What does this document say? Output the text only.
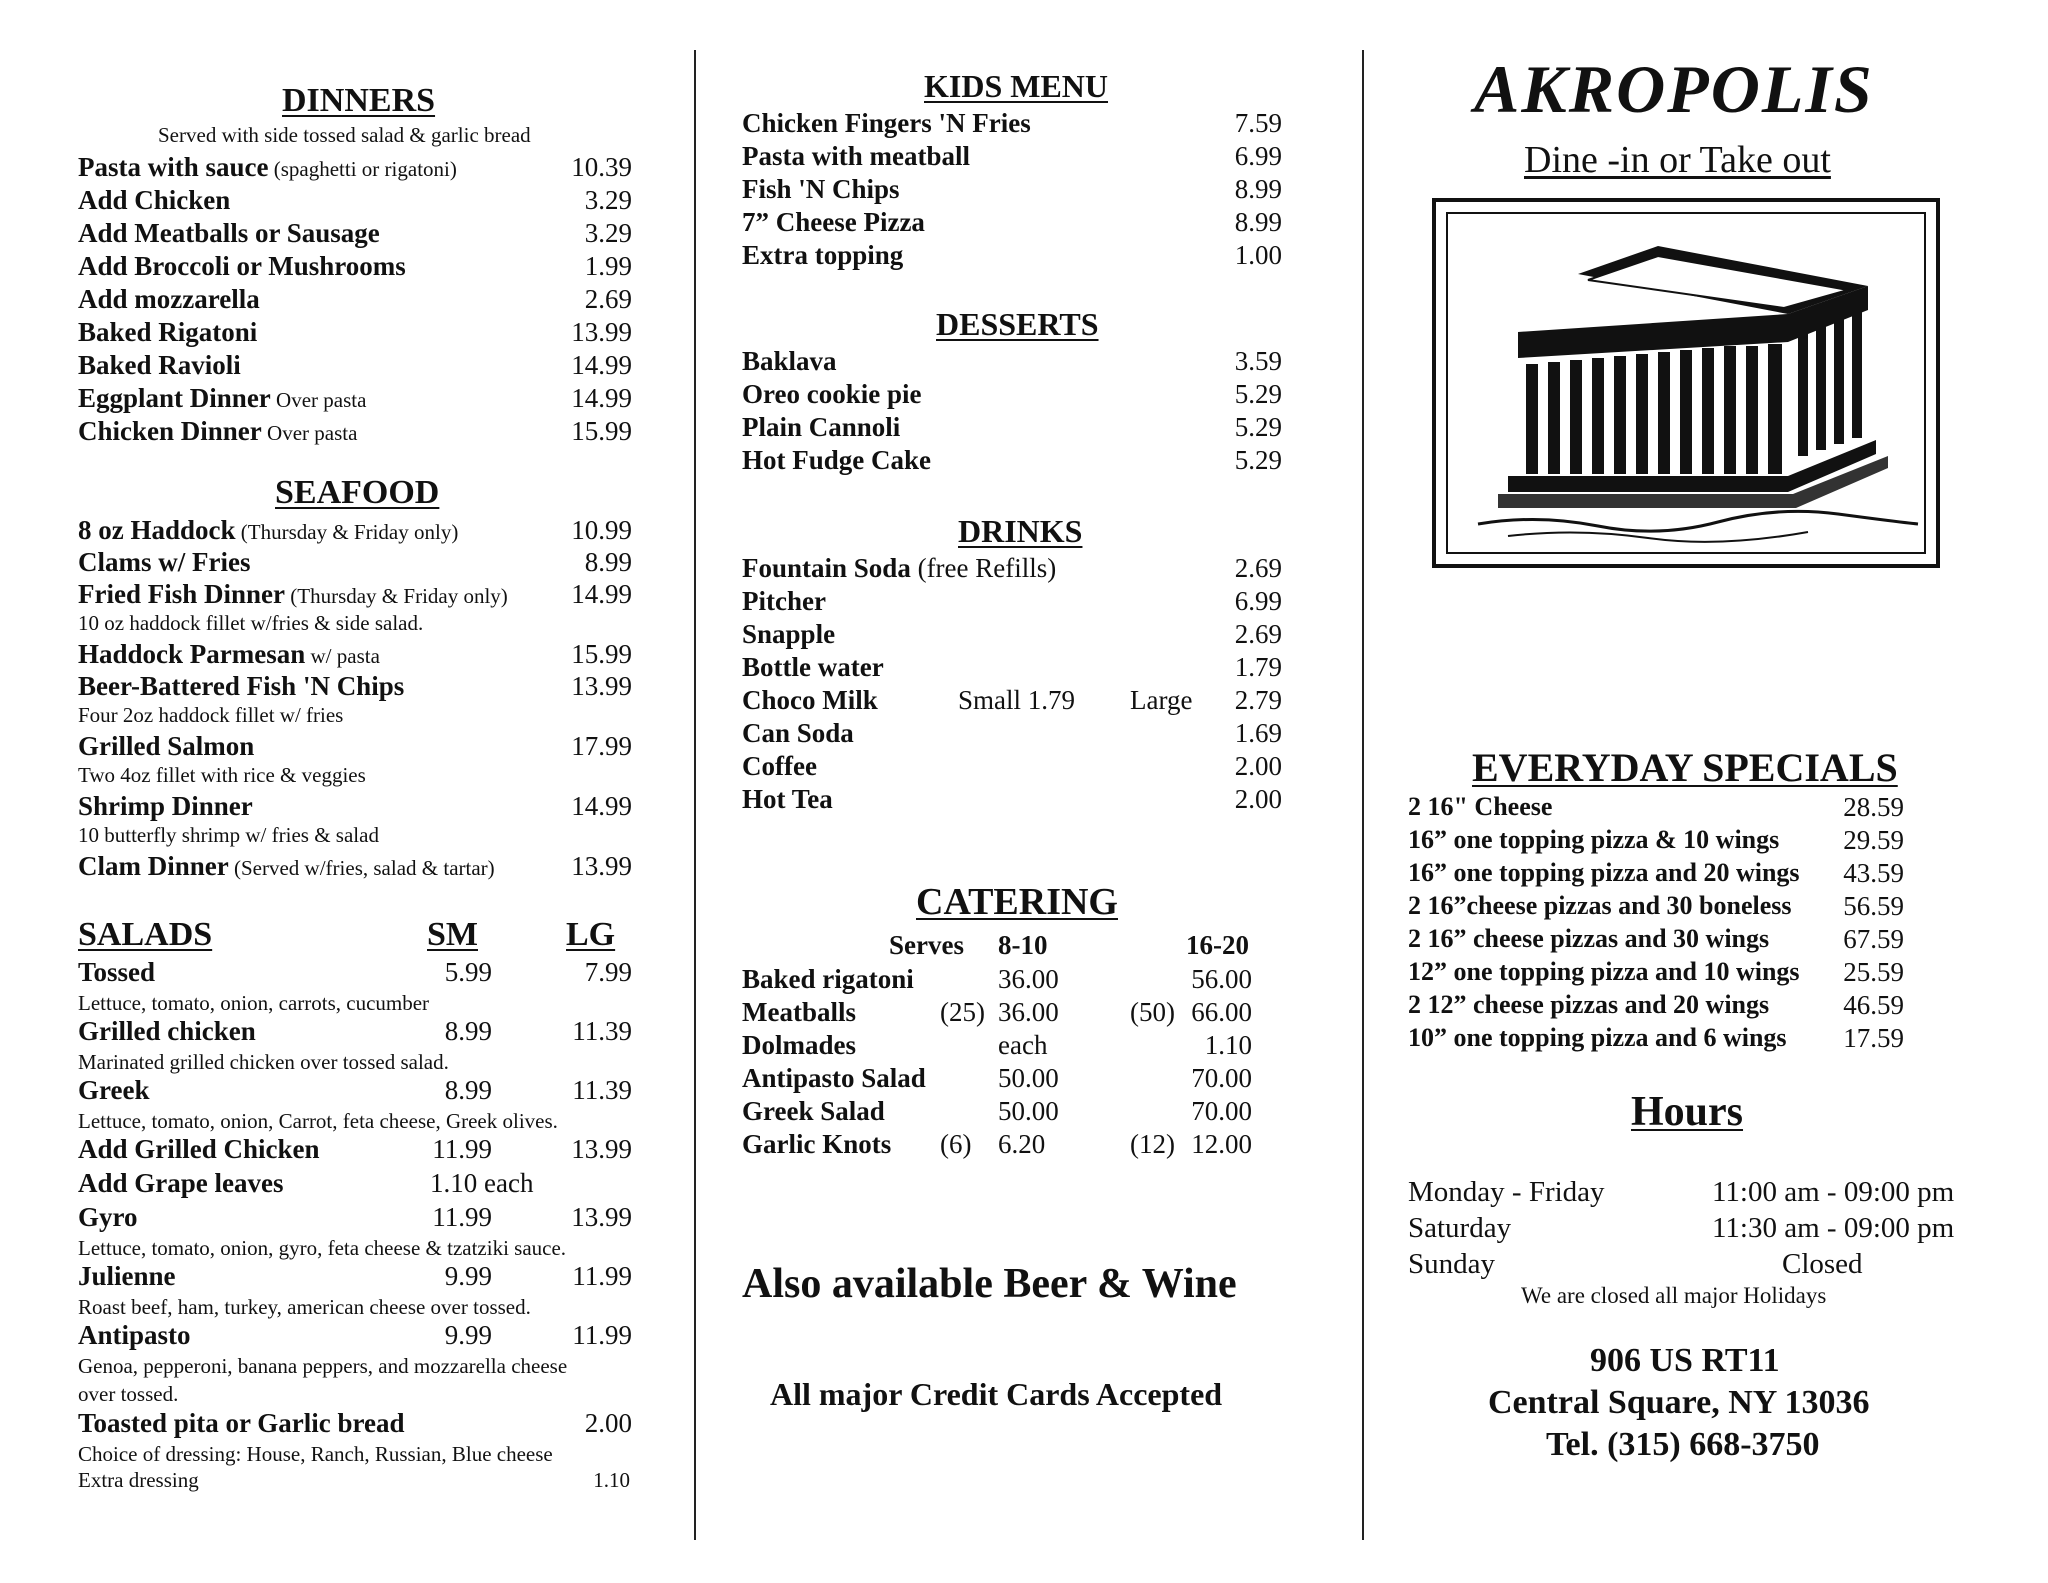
DINNERS
Served with side tossed salad & garlic bread
Pasta with sauce (spaghetti or rigatoni)	10.39
Add Chicken	3.29
Add Meatballs or Sausage	3.29
Add Broccoli or Mushrooms	1.99
Add mozzarella	2.69
Baked Rigatoni	13.99
Baked Ravioli	14.99
Eggplant Dinner Over pasta	14.99
Chicken Dinner Over pasta	15.99
SEAFOOD
8 oz Haddock (Thursday & Friday only)	10.99
Clams w/ Fries	8.99
Fried Fish Dinner (Thursday & Friday only)	14.99
10 oz haddock fillet w/fries & side salad.
Haddock Parmesan w/ pasta	15.99
Beer-Battered Fish 'N Chips	13.99
Four 2oz haddock fillet w/ fries
Grilled Salmon	17.99
Two 4oz fillet with rice & veggies
Shrimp Dinner	14.99
10 butterfly shrimp w/ fries & salad
Clam Dinner (Served w/fries, salad & tartar)	13.99
SALADS	SM	LG
Tossed	5.99	7.99
Lettuce, tomato, onion, carrots, cucumber
Grilled chicken	8.99	11.39
Marinated grilled chicken over tossed salad.
Greek	8.99	11.39
Lettuce, tomato, onion, Carrot, feta cheese, Greek olives.
Add Grilled Chicken	11.99	13.99
Add Grape leaves	1.10 each
Gyro	11.99	13.99
Lettuce, tomato, onion, gyro, feta cheese & tzatziki sauce.
Julienne	9.99	11.99
Roast beef, ham, turkey, american cheese over tossed.
Antipasto	9.99	11.99
Genoa, pepperoni, banana peppers, and mozzarella cheese
over tossed.
Toasted pita or Garlic bread	2.00
Choice of dressing: House, Ranch, Russian, Blue cheese
Extra dressing	1.10
KIDS MENU
Chicken Fingers 'N Fries	7.59
Pasta with meatball	6.99
Fish 'N Chips	8.99
7” Cheese Pizza	8.99
Extra topping	1.00
DESSERTS
Baklava	3.59
Oreo cookie pie	5.29
Plain Cannoli	5.29
Hot Fudge Cake	5.29
DRINKS
Fountain Soda (free Refills)	2.69
Pitcher	6.99
Snapple	2.69
Bottle water	1.79
Choco Milk	Small 1.79 Large	2.79
Can Soda	1.69
Coffee	2.00
Hot Tea	2.00
CATERING
Serves 8-10	16-20
Baked rigatoni	36.00	56.00
Meatballs	(25) 36.00	(50) 66.00
Dolmades	each	1.10
Antipasto Salad	50.00	70.00
Greek Salad	50.00	70.00
Garlic Knots (6) 6.20	(12) 12.00
Also available Beer & Wine
All major Credit Cards Accepted
AKROPOLIS
Dine -in or Take out
EVERYDAY SPECIALS
2 16" Cheese	28.59
16” one topping pizza & 10 wings	29.59
16” one topping pizza and 20 wings	43.59
2 16”cheese pizzas and 30 boneless	56.59
2 16” cheese pizzas and 30 wings	67.59
12” one topping pizza and 10 wings	25.59
2 12” cheese pizzas and 20 wings	46.59
10” one topping pizza and 6 wings	17.59
Hours
Monday - Friday	11:00 am - 09:00 pm
Saturday	11:30 am - 09:00 pm
Sunday	Closed
We are closed all major Holidays
906 US RT11
Central Square, NY 13036
Tel. (315) 668-3750
